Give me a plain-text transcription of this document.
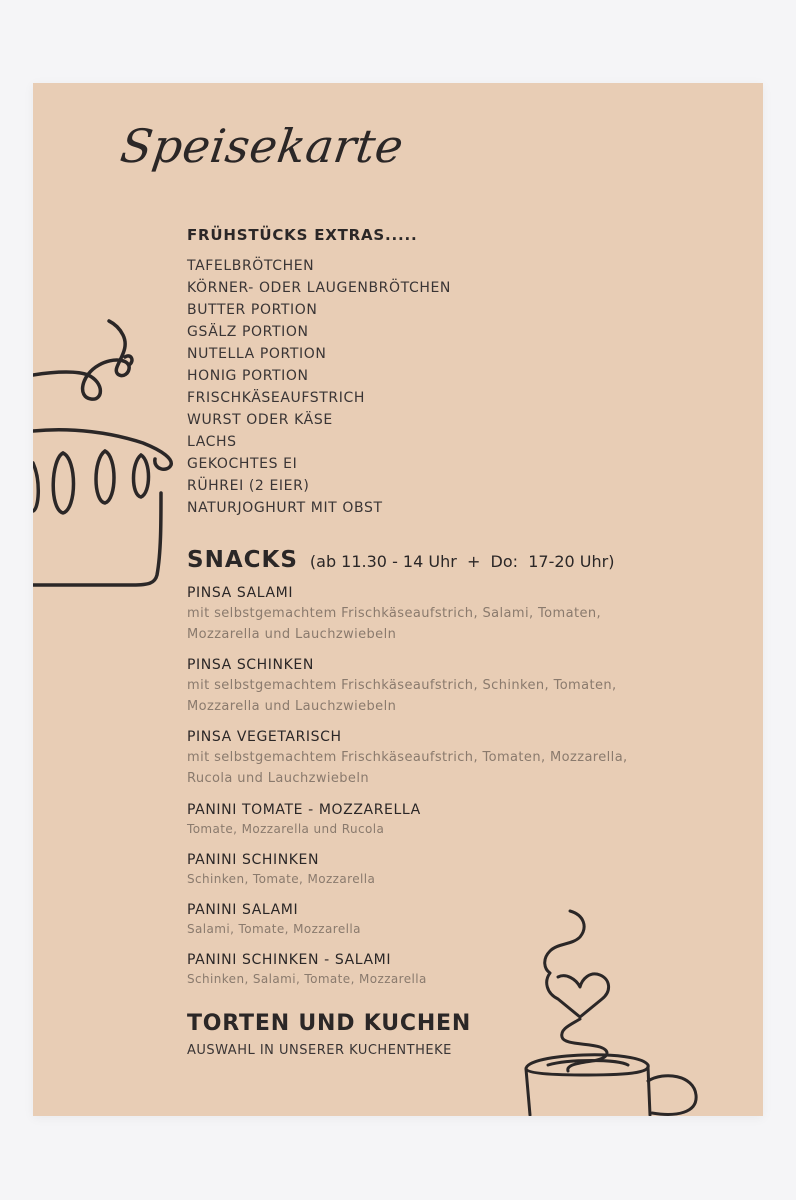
Speisekarte
FRÜHSTÜCKS EXTRAS.....
TAFELBRÖTCHEN
KÖRNER- ODER LAUGENBRÖTCHEN
BUTTER PORTION
GSÄLZ PORTION
NUTELLA PORTION
HONIG PORTION
FRISCHKÄSEAUFSTRICH
WURST ODER KÄSE
LACHS
GEKOCHTES EI
RÜHREI (2 EIER)
NATURJOGHURT MIT OBST
SNACKS (ab 11.30 - 14 Uhr  +  Do:  17-20 Uhr)
PINSA SALAMI
mit selbstgemachtem Frischkäseaufstrich, Salami, Tomaten,
Mozzarella und Lauchzwiebeln
PINSA SCHINKEN
mit selbstgemachtem Frischkäseaufstrich, Schinken, Tomaten,
Mozzarella und Lauchzwiebeln
PINSA VEGETARISCH
mit selbstgemachtem Frischkäseaufstrich, Tomaten, Mozzarella,
Rucola und Lauchzwiebeln
PANINI TOMATE - MOZZARELLA
Tomate, Mozzarella und Rucola
PANINI SCHINKEN
Schinken, Tomate, Mozzarella
PANINI SALAMI
Salami, Tomate, Mozzarella
PANINI SCHINKEN - SALAMI
Schinken, Salami, Tomate, Mozzarella
TORTEN UND KUCHEN
AUSWAHL IN UNSERER KUCHENTHEKE
